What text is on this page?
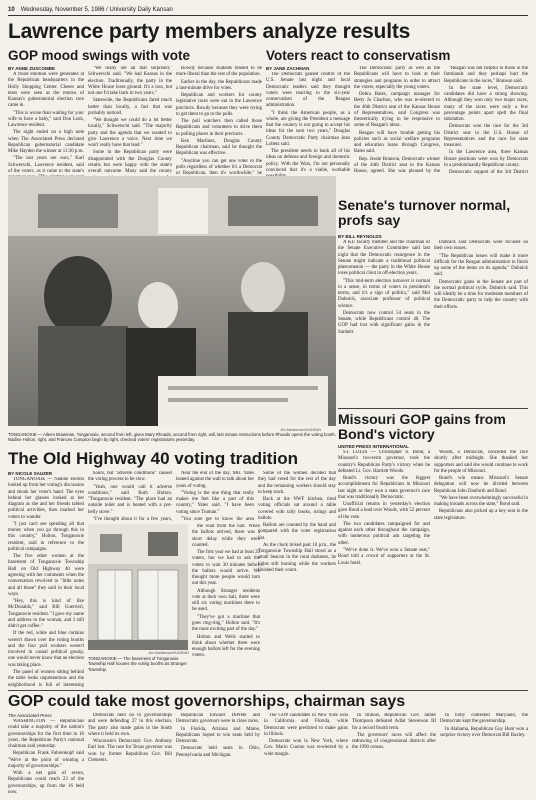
10 Wednesday, November 5, 1986 / University Daily Kansan
Lawrence party members analyze results
GOP mood swings with vote
BY ANNE ZUSCOMBE

A flood emotion were generated at the Republican headquarters in the Holly Shopping Center. Cheers and tears were seen as the returns of Kansas's gubernatorial election race came in.

"This is worse than waiting for your wife to have a baby," said Don Lusk, Lawrence resident.

The night ended on a high note when The Associated Press declared Republican gubernatorial candidate Mike Hayden the winner at 11:30 p.m.

"The last years are ours," Karl Schwerschi, Lawrence resident, said of the voters, as it came to the state's

"We really are all that surprised," Schwerschi said. "We had Kansas in the election. Traditionally, the party in the White House loses ground. It's a loss, but not one I'd take back in two years."

Statewide, the Republicans fared much better than locally, a fact that was probably noticed.

"We thought we could do a lot better locally," Schwerschi said. "The majority party and the agenda that we wanted to give Lawrence a voice. Next time we won't really have that lead."

Some in the Republican party were disappointed with the Douglas County results but were happy with the state's overall outcome. Many said the county

Rowdy because students tended to be more liberal than the rest of the population.

Earlier in the day, the Republicans made a last-minute drive for votes.

Republican and workers for county legislative races were out in the Lawrence precincts. Rowdy because they were trying to get them to go to the polls.

The poll watchers then called those Republicans and volunteers to drive them to polling places in their precincts.

Ken Martinez, Douglas County Republican chairman, said he thought the Republican was effective.

"Anytime you can get one voter to the polls regardless of whether it's a Democrat or Republican, then it's worthwhile," he

Voters react to conservatism
BY JANE ZACHMAN

The Democrats gained control of the U.S. Senate last night and local Democratic leaders said they thought voters were reacting to the six-year conservatism of the Reagan administration.

"I think the American people, as a whole, are giving the President a message that the country is not going to accept his ideas for the next two years," Douglas County Democratic Party chairman Jean Lobetz said.

The president needs to bank all of his ideas on defense and foreign and domestic policy. With the Wars, I'm not personally convinced that it's a viable, workable

The Democratic party as well as the Republicans will have to look at their strategies and programs in order to attract the voters, especially the young voters.

Debra Bales, campaign manager for Betty Jo Charlton, who was re-elected to the 46th District seat of the Kansas House of Representatives, said Congress was theoretically trying to be responsive to some of Reagan's ideas.

Reagan will have trouble getting his policies such as social welfare programs and education loans through Congress, Bales said.

Rep. Jessie Branson, Democratic winner of the 44th District seat in the Kansas House, agreed. She was pleased by the

"Reagan was not helpful to those in the farmlands and they perhaps hurt the Republicans in the races," Branson said.

In the state level, Democratic candidates did have a strong showing. Although they won only two major races, many of the races were only a few percentage points apart spelt the final tabulation.

Democrats won the race for the 3rd District seat in the U.S. House of Representatives and the race for state treasurer.

In the Lawrence area, three Kansas House positions were won by Democrats in a predominantly Republican county.

Democratic support of the 3rd District

Jim Mankenson/KANSAN
TONGANOXIE — Aileen Brawman, Tonganoxie, second from left, gives Mary Rhoads, second from right, will, last minute instructions before Rhoads opens the voting booth. Nadine Holton, right, and Frances Compton begin by right, checked voters' registrations yesterday.
Senate's turnover normal, profs say
BY BILL REYNOLDS

A KU faculty member and the chairman of the Senate Executive Committee said last night that the Democratic resurgence in the Senate might indicate a traditional political phenomenon — the party in the White House loses political clout in off-election years.

"This mid-term election turnover is normal in a sense, in terms of voters in president's terms, and it's a sign of politics," said Mel Dubnick, associate professor of political science.

Democrats now control 54 seats in the Senate, while Republicans control 46. The GOP had lost with significant gains in the Sunbelt.

Dubnick said Democrats were focused on their own issues.

"The Republican losses will make it more difficult for the Reagan administration to finish up some of the items on its agenda," Dubnick said.

Democratic gains in the Senate are part of the normal political cycle, Dubnick said. This will ideally be a time for moderate members of the Democratic party to help the country with their efforts.

Missouri GOP gains from Bond's victory
UNITED PRESS INTERNATIONAL

ST. LOUIS — Christopher S. Bond, a Missouri's two-term governor, took the country's Republican Party's victory when he defeated Lt. Gov. Harriett Woods.

Bond's victory was the biggest accomplishment for Republicans in Missouri last night as they won a state governor's race that was traditionally Democratic.

Unofficial returns in yesterday's election gave Bond a lead over Woods, with 52 percent of the vote.

The two candidates campaigned for and against each other throughout the campaign, with numerous political ads targeting the other.

"We've done it. We've won a Senate seat," Bond told a crowd of supporters at the St. Louis hotel.

Woods, a Democrat, conceded the race shortly after midnight. She thanked her supporters and said she would continue to work for the people of Missouri.

Bond's win means Missouri's Senate delegation will now be divided between Republican John Danforth and Bond.

"We have been overwhelmingly successful in making inroads across the state," Bond said.

Republicans also picked up a key seat in the state legislature.

The Old Highway 40 voting tradition
BY NICOLE SAUZER

TONGANOXIE — Nadine Holton looked up from her voting's discussion and shook her voter's hand. The eyes behind her glasses looked at her diagram as she and her friends tabled political activities, then marked her voters to wander.

"I just can't see spending all that money when you go through this in this country," Holton, Tonganoxie resident, said in reference to the political campaigns.

The five other women at the basement of Tonganoxie Township Hall on Old Highway 40 were agreeing with her comments when the conversation revolved to "little notes and all those" they said in their local ways.

"Hey, this is kind of like McDonalds," said Bill Guerrieri, Tonganoxie resident. "I gave my name and address to the woman, and I still didn't get coffee."

If the red, white and blue curtains weren't drawn over the voting booths and the four poll workers weren't involved in casual political gossip, one would never know that an election was taking place.

The panel of women sitting behind the table looks unpretentious and the neighborhood is full of interesting

hours, but "adverse conditions" caused the voting process to be slow.

"Yeah, one would call it adverse conditions," said Ruth Holton. "Tonganoxie resident. "The place had an outside toilet and is heated with a pot-belly stove."

"I've thought about it for a few years,

Near the end of the day, Mrs. Yates leaned against the wall to talk about her years of voting.

"Voting is the one thing that really makes me feel like a part of this country," Yates said. "I have been voting since Truman."

"You sure get to know the area

Jim Mankenson/KANSAN
TONGANOXIE — The basement of Tonganoxie Township Hall houses the voting booths as Stranger Township.

the road from the hall. When the ballots arrived, there was a short delay while they were counted.

The first year we had at least 25 voters, but we had to ask the voters to wait 30 minutes before the ballots would arrive. We thought more people would turn out this year.

Although Stranger residents vote at their own hall, there were still six voting machines there to be used.

"They've got a machine that goes ring-ring," Holton said. "It's the most exciting part of the day."

Holton and Wells started to think about whether there were enough ballots left for the evening voters.

Some of the women decided that they had voted for the rest of the day and the remaining workers should stay to keep track.

Back at the NWF kitchen, tired voting officials sat around a table covered with tally books, strings and ballots.

Ballots are counted by the hand and compared with the voter registration list.

As the clock ticked past 10 p.m., the Tonganoxie Township Hall stood as a small beacon in the rural darkness, its lights still burning while the workers finished their count.

GOP could take most governorships, chairman says
The Associated Press

WASHINGTON — Republicans could take a majority of the nation's governorships for the first time in 16 years, the Republican Party's national chairman said yesterday.

Republican Frank Fahrenkopf said "We're at the point of winning a majority of governorships."

With a net gain of seven, Republicans could reach 23 of the governorships, up from the 16 held now.

Democrats held on to governorships and were defending 27 in this election. The party also made gains in the South where it held its own.

Wisconsin's Democratic Gov. Anthony Earl lost. The race for Texas governor was won by former Republican Gov. Bill Clements.

Republican Edward DiPrete and Democratic governors were in close races.

In Florida, Arizona and Maine, Republicans hoped to win seats held by Democrats.

Democrats held seats in Ohio, Pennsylvania and Michigan.

The GOP candidates in New York won in California and Florida, while Democrats were predicted to make gains in Illinois.

Democrats won in New York, where Gov. Mario Cuomo was re-elected by a wide margin.

In Illinois, Republican Gov. James Thompson defeated Adlai Stevenson III for a record fourth term.

The governors' races will affect the redrawing of congressional districts after the 1990 census.

In hotly contested Maryland, the Democrats kept the governorship.

In Alabama, Republican Guy Hunt won a surprise victory over Democrat Bill Baxley.
